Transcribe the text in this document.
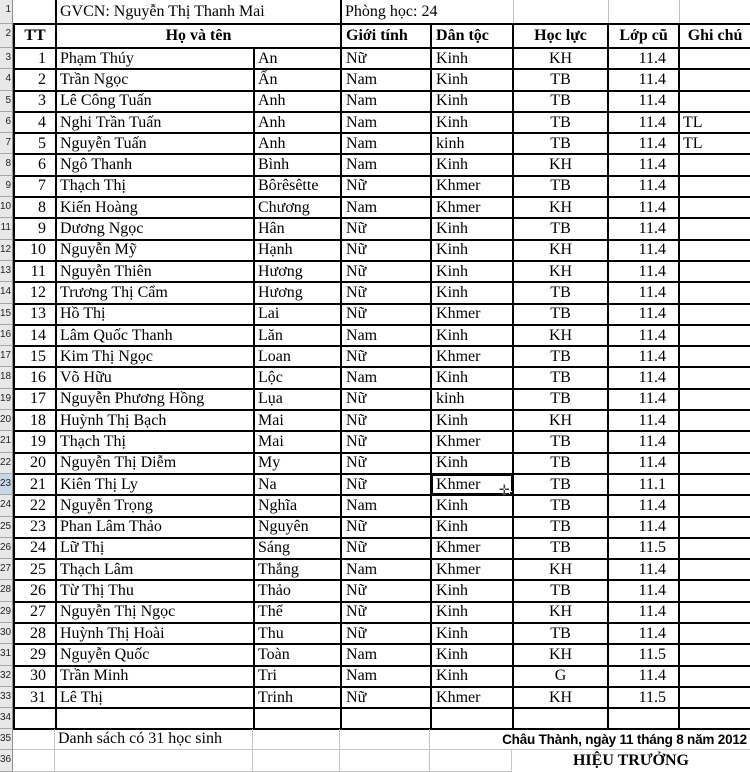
1
2
3
4
5
6
7
8
9
10
11
12
13
14
15
16
17
18
19
20
21
22
23
24
25
26
27
28
29
30
31
32
33
34
35
36
	GVCN: Nguyễn Thị Thanh Mai		Phòng học: 24				
TT	Họ và tên		Giới tính	Dân tộc	Học lực	Lớp cũ	Ghi chú
1	Phạm Thúy	An	Nữ	Kinh	KH	11.4	
2	Trần Ngọc	Ẩn	Nam	Kinh	TB	11.4	
3	Lê Công Tuấn	Anh	Nam	Kinh	TB	11.4	
4	Nghi Trần Tuấn	Anh	Nam	Kinh	TB	11.4	TL
5	Nguyễn Tuấn	Anh	Nam	kinh	TB	11.4	TL
6	Ngô Thanh	Bình	Nam	Kinh	KH	11.4	
7	Thạch Thị	Bôrêsêtte	Nữ	Khmer	TB	11.4	
8	Kiến Hoàng	Chương	Nam	Khmer	KH	11.4	
9	Dương Ngọc	Hân	Nữ	Kinh	TB	11.4	
10	Nguyễn Mỹ	Hạnh	Nữ	Kinh	KH	11.4	
11	Nguyễn Thiên	Hương	Nữ	Kinh	KH	11.4	
12	Trương Thị Cẩm	Hương	Nữ	Kinh	TB	11.4	
13	Hồ Thị	Lai	Nữ	Khmer	TB	11.4	
14	Lâm Quốc Thanh	Lăn	Nam	Kinh	KH	11.4	
15	Kim Thị Ngọc	Loan	Nữ	Khmer	TB	11.4	
16	Võ Hữu	Lộc	Nam	Kinh	TB	11.4	
17	Nguyễn Phương Hồng	Lụa	Nữ	kinh	TB	11.4	
18	Huỳnh Thị Bạch	Mai	Nữ	Kinh	KH	11.4	
19	Thạch Thị	Mai	Nữ	Khmer	TB	11.4	
20	Nguyễn Thị Diễm	My	Nữ	Kinh	TB	11.4	
21	Kiên Thị Ly	Na	Nữ	Khmer	TB	11.1	
22	Nguyễn Trọng	Nghĩa	Nam	Kinh	TB	11.4	
23	Phan Lâm Thảo	Nguyên	Nữ	Kinh	TB	11.4	
24	Lữ Thị	Sáng	Nữ	Khmer	TB	11.5	
25	Thạch Lâm	Thắng	Nam	Khmer	KH	11.4	
26	Từ Thị Thu	Thảo	Nữ	Kinh	TB	11.4	
27	Nguyễn Thị Ngọc	Thể	Nữ	Kinh	KH	11.4	
28	Huỳnh Thị Hoài	Thu	Nữ	Kinh	TB	11.4	
29	Nguyễn Quốc	Toàn	Nam	Kinh	KH	11.5	
30	Trần Minh	Tri	Nam	Kinh	G	11.4	
31	Lê Thị	Trinh	Nữ	Khmer	KH	11.5	

Danh sách có 31 học sinh	Châu Thành, ngày 11 tháng 8 năm 2012
HIỆU TRƯỞNG
✛
